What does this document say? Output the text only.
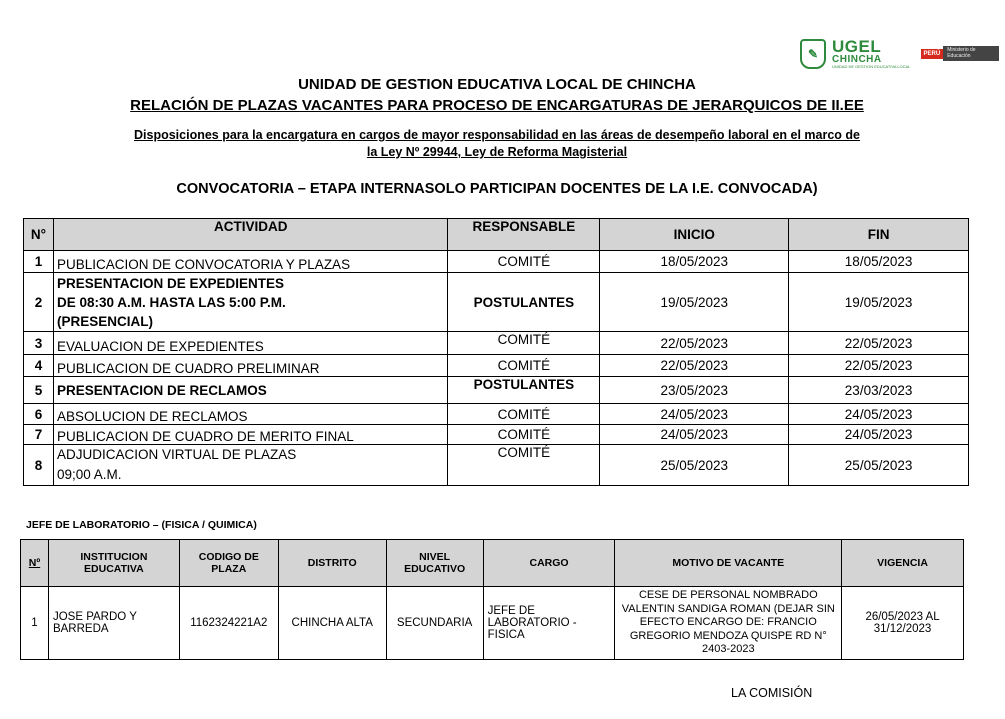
✎ UGEL
CHINCHA
UNIDAD DE GESTION EDUCATIVA LOCAL
PERÚ
Ministerio de Educación
UNIDAD DE GESTION EDUCATIVA LOCAL DE CHINCHA
RELACIÓN DE PLAZAS VACANTES PARA PROCESO DE ENCARGATURAS DE JERARQUICOS DE II.EE
Disposiciones para la encargatura en cargos de mayor responsabilidad en las áreas de desempeño laboral en el marco de
la Ley Nº 29944, Ley de Reforma Magisterial
CONVOCATORIA – ETAPA INTERNASOLO PARTICIPAN DOCENTES DE LA I.E. CONVOCADA)
N°	ACTIVIDAD	RESPONSABLE	INICIO	FIN
1	PUBLICACION DE CONVOCATORIA Y PLAZAS	COMITÉ	18/05/2023	18/05/2023
2	PRESENTACION DE EXPEDIENTES
DE 08:30 A.M. HASTA LAS 5:00 P.M.
(PRESENCIAL)	POSTULANTES	19/05/2023	19/05/2023
3	EVALUACION DE EXPEDIENTES	COMITÉ	22/05/2023	22/05/2023
4	PUBLICACION DE CUADRO PRELIMINAR	COMITÉ	22/05/2023	22/05/2023
5	PRESENTACION DE RECLAMOS	POSTULANTES	23/05/2023	23/03/2023
6	ABSOLUCION DE RECLAMOS	COMITÉ	24/05/2023	24/05/2023
7	PUBLICACION DE CUADRO DE MERITO FINAL	COMITÉ	24/05/2023	24/05/2023
8	ADJUDICACION VIRTUAL DE PLAZAS
09;00 A.M.	COMITÉ	25/05/2023	25/05/2023
JEFE DE LABORATORIO – (FISICA / QUIMICA)
Nº	INSTITUCION EDUCATIVA	CODIGO DE PLAZA	DISTRITO	NIVEL EDUCATIVO	CARGO	MOTIVO DE VACANTE	VIGENCIA
1	JOSE PARDO Y BARREDA	1162324221A2	CHINCHA ALTA	SECUNDARIA	JEFE DE LABORATORIO - FISICA	CESE DE PERSONAL NOMBRADO VALENTIN SANDIGA ROMAN (DEJAR SIN EFECTO ENCARGO DE: FRANCIO GREGORIO MENDOZA QUISPE RD N° 2403-2023	26/05/2023 AL 31/12/2023
LA COMISIÓN
